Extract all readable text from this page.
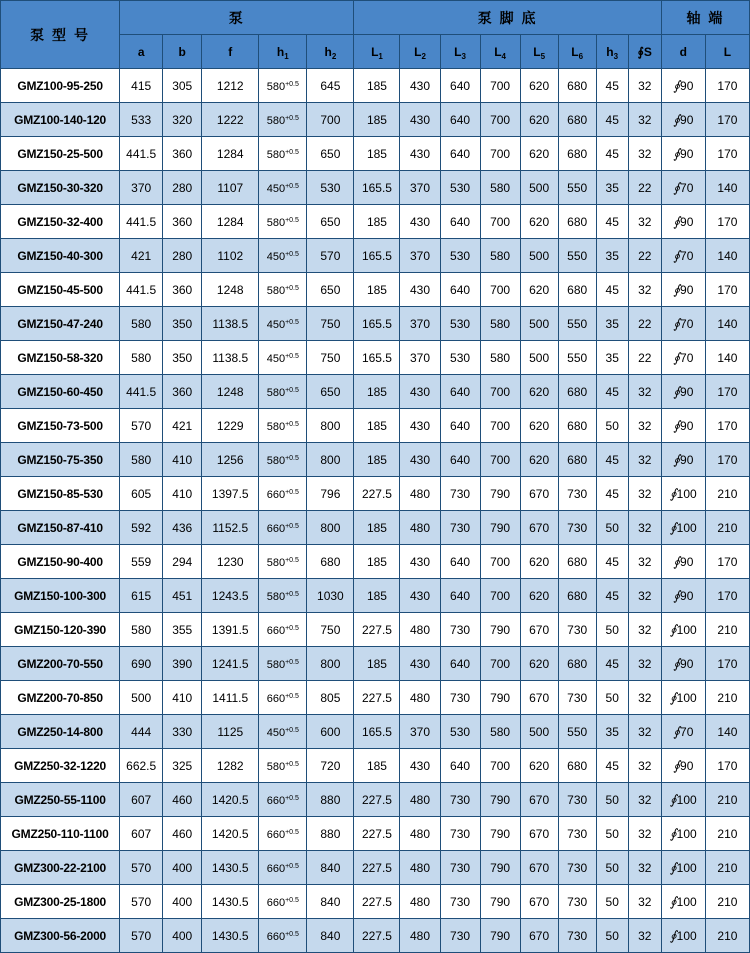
泵 型 号	泵					泵 脚 底								轴 端	
	a	b	f	$h_1$	$h_2$	$L_1$	$L_2$	$L_3$	$L_4$	$L_5$	$L_6$	$h_3$	∮S	d	L
GMZ100-95-250	415	305	1212	$580^{+0.5}$	645	185	430	640	700	620	680	45	32	∮90	170
GMZ100-140-120	533	320	1222	$580^{+0.5}$	700	185	430	640	700	620	680	45	32	∮90	170
GMZ150-25-500	441.5	360	1284	$580^{+0.5}$	650	185	430	640	700	620	680	45	32	∮90	170
GMZ150-30-320	370	280	1107	$450^{+0.5}$	530	165.5	370	530	580	500	550	35	22	∮70	140
GMZ150-32-400	441.5	360	1284	$580^{+0.5}$	650	185	430	640	700	620	680	45	32	∮90	170
GMZ150-40-300	421	280	1102	$450^{+0.5}$	570	165.5	370	530	580	500	550	35	22	∮70	140
GMZ150-45-500	441.5	360	1248	$580^{+0.5}$	650	185	430	640	700	620	680	45	32	∮90	170
GMZ150-47-240	580	350	1138.5	$450^{+0.5}$	750	165.5	370	530	580	500	550	35	22	∮70	140
GMZ150-58-320	580	350	1138.5	$450^{+0.5}$	750	165.5	370	530	580	500	550	35	22	∮70	140
GMZ150-60-450	441.5	360	1248	$580^{+0.5}$	650	185	430	640	700	620	680	45	32	∮90	170
GMZ150-73-500	570	421	1229	$580^{+0.5}$	800	185	430	640	700	620	680	50	32	∮90	170
GMZ150-75-350	580	410	1256	$580^{+0.5}$	800	185	430	640	700	620	680	45	32	∮90	170
GMZ150-85-530	605	410	1397.5	$660^{+0.5}$	796	227.5	480	730	790	670	730	45	32	∮100	210
GMZ150-87-410	592	436	1152.5	$660^{+0.5}$	800	185	480	730	790	670	730	50	32	∮100	210
GMZ150-90-400	559	294	1230	$580^{+0.5}$	680	185	430	640	700	620	680	45	32	∮90	170
GMZ150-100-300	615	451	1243.5	$580^{+0.5}$	1030	185	430	640	700	620	680	45	32	∮90	170
GMZ150-120-390	580	355	1391.5	$660^{+0.5}$	750	227.5	480	730	790	670	730	50	32	∮100	210
GMZ200-70-550	690	390	1241.5	$580^{+0.5}$	800	185	430	640	700	620	680	45	32	∮90	170
GMZ200-70-850	500	410	1411.5	$660^{+0.5}$	805	227.5	480	730	790	670	730	50	32	∮100	210
GMZ250-14-800	444	330	1125	$450^{+0.5}$	600	165.5	370	530	580	500	550	35	32	∮70	140
GMZ250-32-1220	662.5	325	1282	$580^{+0.5}$	720	185	430	640	700	620	680	45	32	∮90	170
GMZ250-55-1100	607	460	1420.5	$660^{+0.5}$	880	227.5	480	730	790	670	730	50	32	∮100	210
GMZ250-110-1100	607	460	1420.5	$660^{+0.5}$	880	227.5	480	730	790	670	730	50	32	∮100	210
GMZ300-22-2100	570	400	1430.5	$660^{+0.5}$	840	227.5	480	730	790	670	730	50	32	∮100	210
GMZ300-25-1800	570	400	1430.5	$660^{+0.5}$	840	227.5	480	730	790	670	730	50	32	∮100	210
GMZ300-56-2000	570	400	1430.5	$660^{+0.5}$	840	227.5	480	730	790	670	730	50	32	∮100	210
